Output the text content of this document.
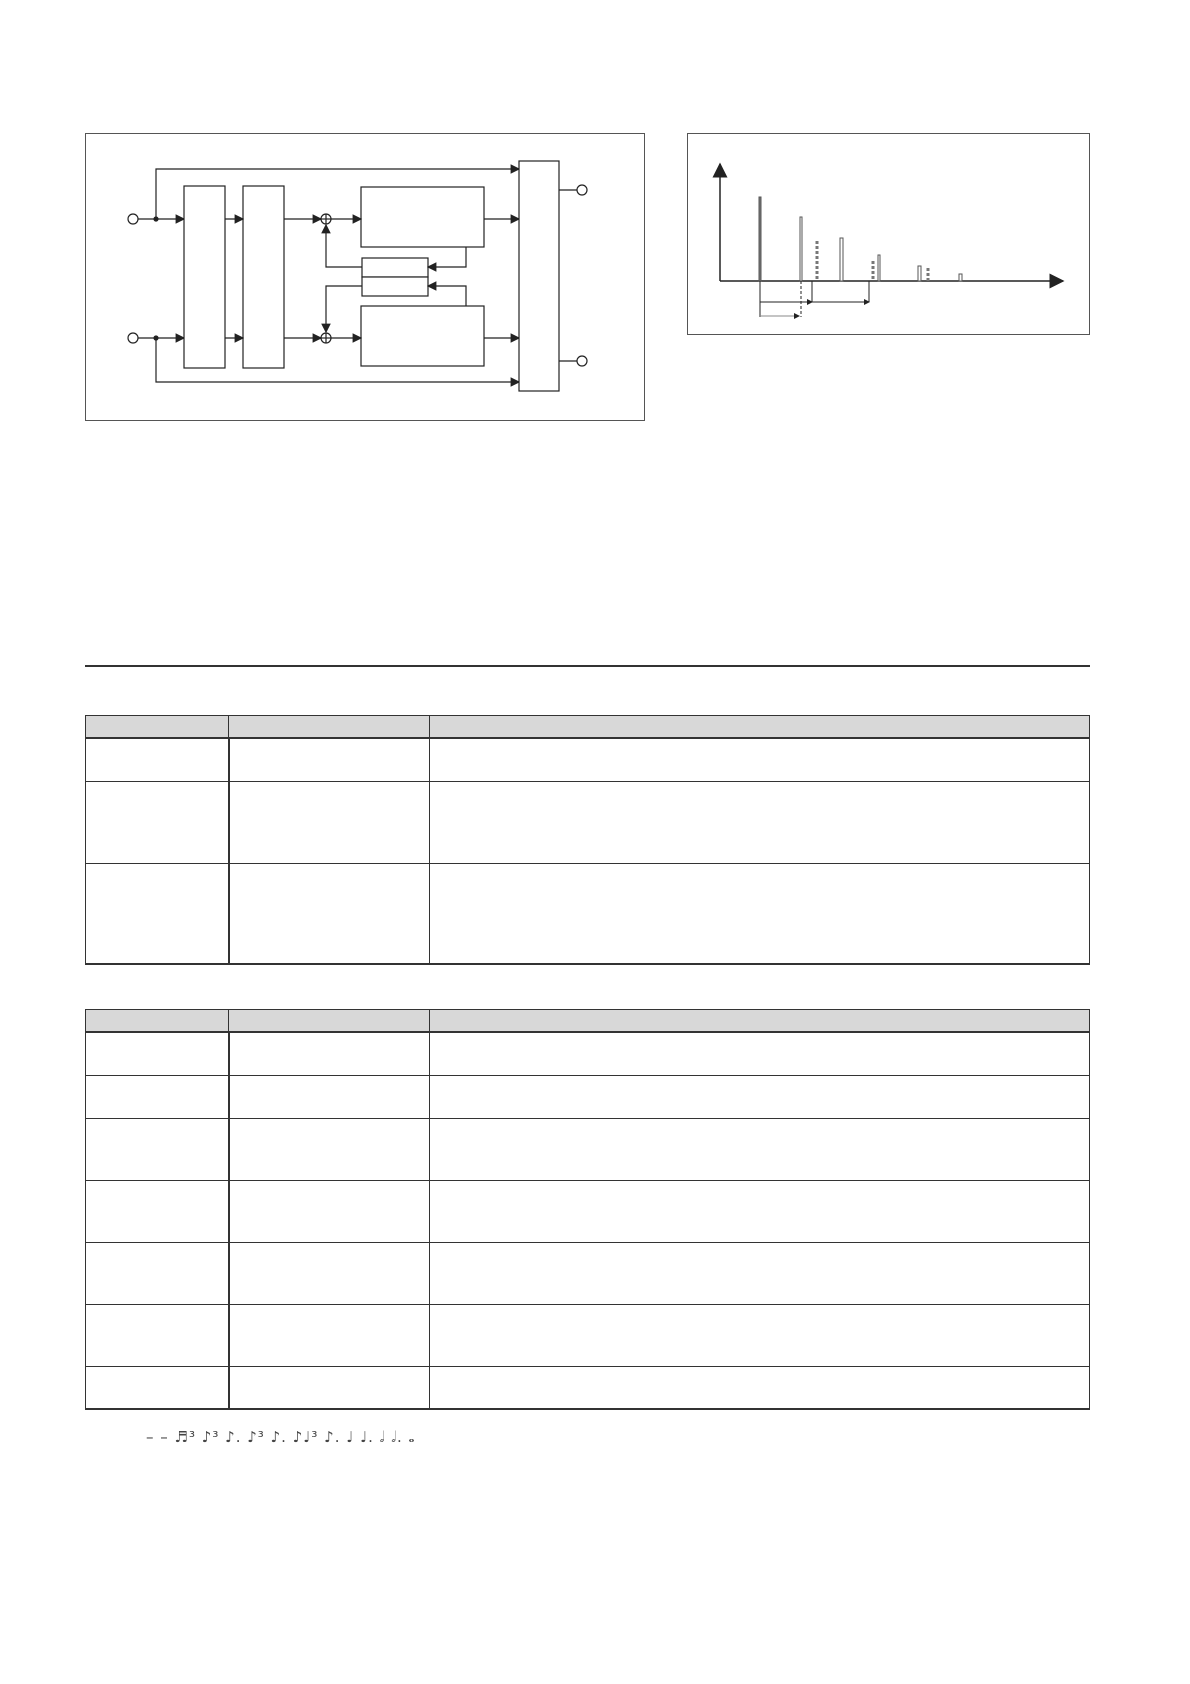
– – ♬³ ♪³ ♪. ♪³ ♪. ♪♩³ ♪. ♩ ♩. 𝅗𝅥 𝅗𝅥. 𝅝
